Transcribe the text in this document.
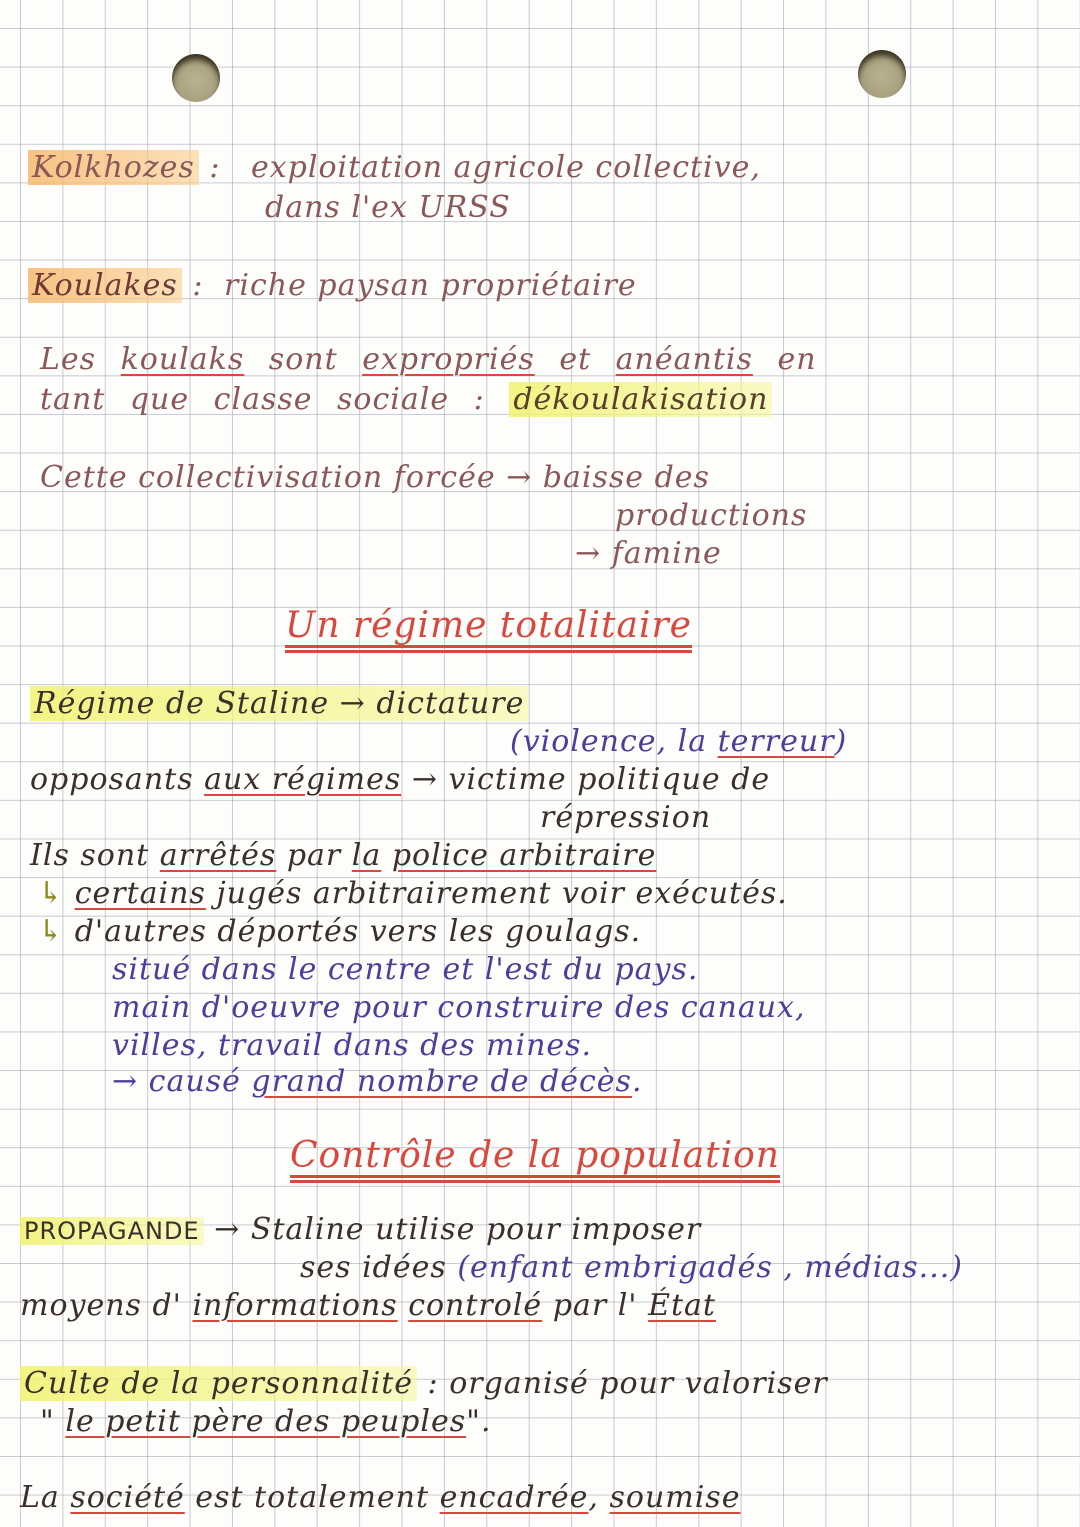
Kolkhozes : exploitation agricole collective,
dans l'ex URSS
Koulakes : riche paysan propriétaire
Les koulaks sont expropriés et anéantis en
tant que classe sociale : dékoulakisation
Cette collectivisation forcée → baisse des
productions
→ famine
Un régime totalitaire
Régime de Staline → dictature
(violence, la terreur)
opposants aux régimes → victime politique de
répression
Ils sont arrêtés par la police arbitraire
↳ certains jugés arbitrairement voir exécutés.
↳ d'autres déportés vers les goulags.
situé dans le centre et l'est du pays.
main d'oeuvre pour construire des canaux,
villes, travail dans des mines.
→ causé grand nombre de décès.
Contrôle de la population
PROPAGANDE → Staline utilise pour imposer
ses idées (enfant embrigadés , médias...)
moyens d' informations controlé par l' État
Culte de la personnalité : organisé pour valoriser
" le petit père des peuples".
La société est totalement encadrée, soumise
